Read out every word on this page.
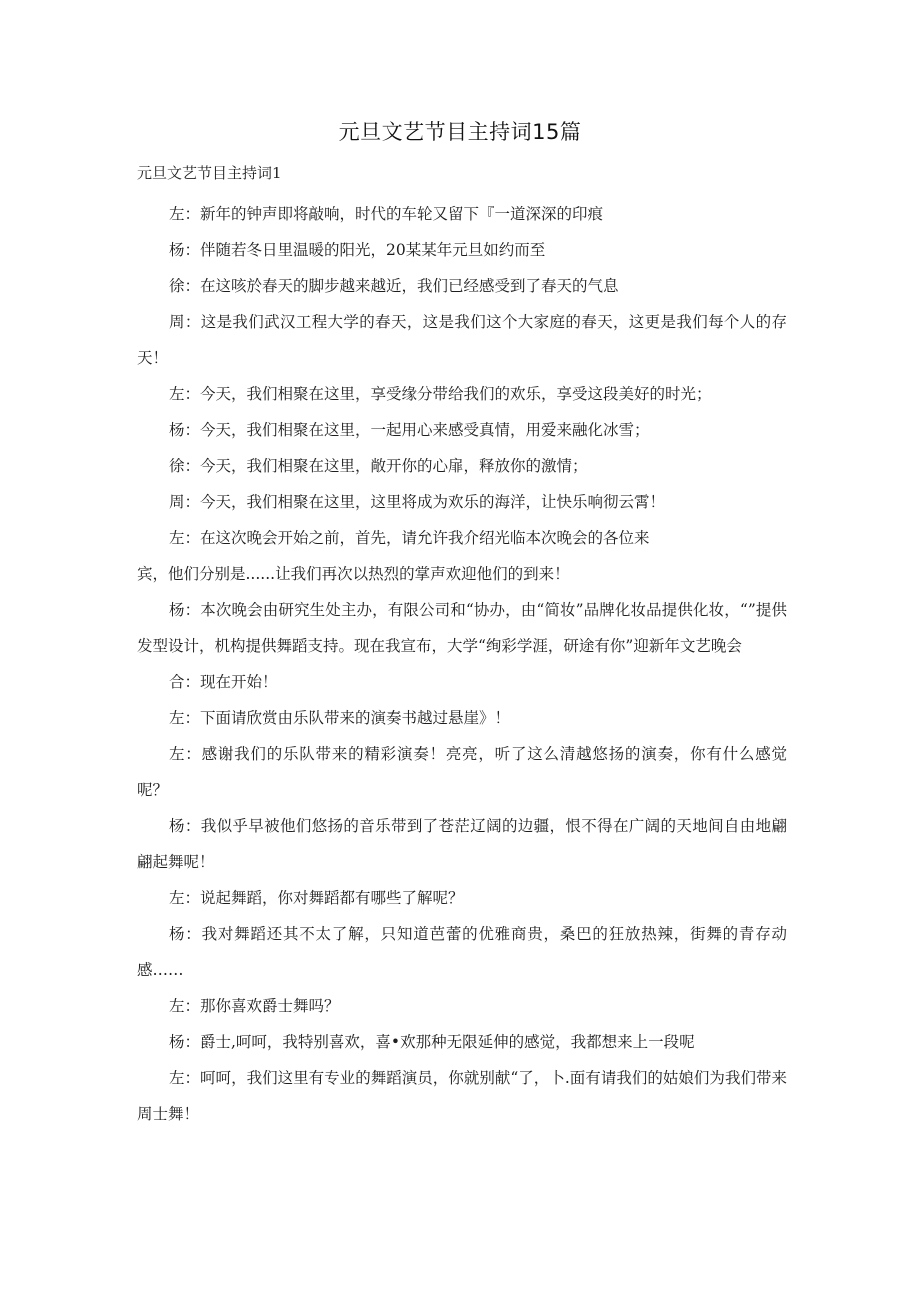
元旦文艺节目主持词15篇
元旦文艺节目主持词1

左：新年的钟声即将敲响，时代的车轮又留下『一道深深的印痕

杨：伴随若冬日里温暖的阳光，20某某年元旦如约而至

徐：在这咳於春天的脚步越来越近，我们已经感受到了春天的气息

周：这是我们武汉工程大学的春天，这是我们这个大家庭的春天，这更是我们每个人的存天！

左：今天，我们相聚在这里，享受缘分带给我们的欢乐，享受这段美好的时光；

杨：今天，我们相聚在这里，一起用心来感受真情，用爱来融化冰雪；

徐：今天，我们相聚在这里，敞开你的心扉，释放你的激情；

周：今天，我们相聚在这里，这里将成为欢乐的海洋，让快乐响彻云霄！

左：在这次晚会开始之前，首先，请允许我介绍光临本次晚会的各位来

宾，他们分别是......让我们再次以热烈的掌声欢迎他们的到来！

杨：本次晚会由研究生处主办，有限公司和“协办，由“简妆”品牌化妆品提供化妆，“”提供发型设计，机构提供舞蹈支持。现在我宣布，大学“绚彩学涯，研途有你”迎新年文艺晚会

合：现在开始！

左：下面请欣赏由乐队带来的演奏书越过悬崖》！

左：感谢我们的乐队带来的精彩演奏！亮亮，听了这么清越悠扬的演奏，你有什么感觉呢？

杨：我似乎早被他们悠扬的音乐带到了苍茫辽阔的边疆，恨不得在广阔的天地间自由地翩翩起舞呢！

左：说起舞蹈，你对舞蹈都有哪些了解呢？

杨：我对舞蹈还其不太了解，只知道芭蕾的优雅商贵，桑巴的狂放热辣，街舞的青存动感……

左：那你喜欢爵士舞吗？

杨：爵士,呵呵，我特别喜欢，喜•欢那种无限延伸的感觉，我都想来上一段呢

左：呵呵，我们这里有专业的舞蹈演员，你就别献“了，卜.面有请我们的姑娘们为我们带来周士舞！
